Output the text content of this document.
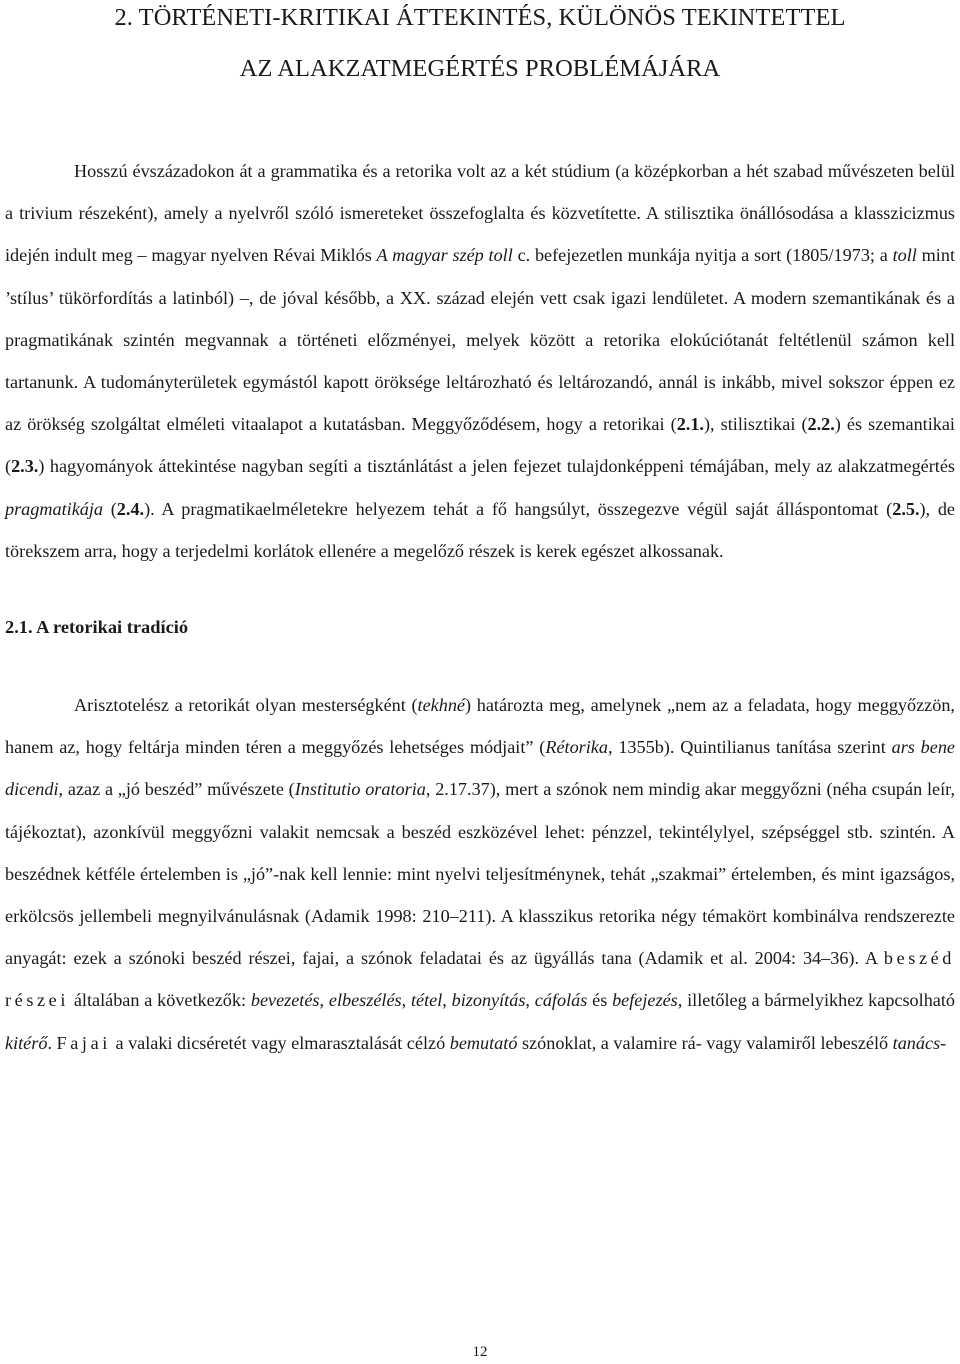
2. TÖRTÉNETI-KRITIKAI ÁTTEKINTÉS, KÜLÖNÖS TEKINTETTEL
AZ ALAKZATMEGÉRTÉS PROBLÉMÁJÁRA

Hosszú évszázadokon át a grammatika és a retorika volt az a két stúdium (a középkorban a hét szabad művészeten belül a trivium részeként), amely a nyelvről szóló ismereteket összefoglalta és közvetítette. A stilisztika önállósodása a klasszicizmus idején indult meg – magyar nyelven Révai Miklós A magyar szép toll c. befejezetlen munkája nyitja a sort (1805/1973; a toll mint ’stílus’ tükörfordítás a latinból) –, de jóval később, a XX. század elején vett csak igazi lendületet. A modern szemantikának és a pragmatikának szintén megvannak a történeti előzményei, melyek között a retorika elokúciótanát feltétlenül számon kell tartanunk. A tudományterületek egymástól kapott öröksége leltározható és leltározandó, annál is inkább, mivel sokszor éppen ez az örökség szolgáltat elméleti vitaalapot a kutatásban. Meggyőződésem, hogy a retorikai (2.1.), stilisztikai (2.2.) és szemantikai (2.3.) hagyományok áttekintése nagyban segíti a tisztánlátást a jelen fejezet tulajdonképpeni témájában, mely az alakzatmegértés pragmatikája (2.4.). A pragmatikaelméletekre helyezem tehát a fő hangsúlyt, összegezve végül saját álláspontomat (2.5.), de törekszem arra, hogy a terjedelmi korlátok ellenére a megelőző részek is kerek egészet alkossanak.

2.1. A retorikai tradíció

Arisztotelész a retorikát olyan mesterségként (tekhné) határozta meg, amelynek „nem az a feladata, hogy meggyőzzön, hanem az, hogy feltárja minden téren a meggyőzés lehetséges módjait” (Rétorika, 1355b). Quintilianus tanítása szerint ars bene dicendi, azaz a „jó beszéd” művészete (Institutio oratoria, 2.17.37), mert a szónok nem mindig akar meggyőzni (néha csupán leír, tájékoztat), azonkívül meggyőzni valakit nemcsak a beszéd eszközével lehet: pénzzel, tekintélylyel, szépséggel stb. szintén. A beszédnek kétféle értelemben is „jó”-nak kell lennie: mint nyelvi teljesítménynek, tehát „szakmai” értelemben, és mint igazságos, erkölcsös jellembeli megnyilvánulásnak (Adamik 1998: 210–211). A klasszikus retorika négy témakört kombinálva rendszerezte anyagát: ezek a szónoki beszéd részei, fajai, a szónok feladatai és az ügyállás tana (Adamik et al. 2004: 34–36). A beszéd részei általában a következők: bevezetés, elbeszélés, tétel, bizonyítás, cáfolás és befejezés, illetőleg a bármelyikhez kapcsolható kitérő. Fajai a valaki dicséretét vagy elmarasztalását célzó bemutató szónoklat, a valamire rá- vagy valamiről lebeszélő tanács-

12
